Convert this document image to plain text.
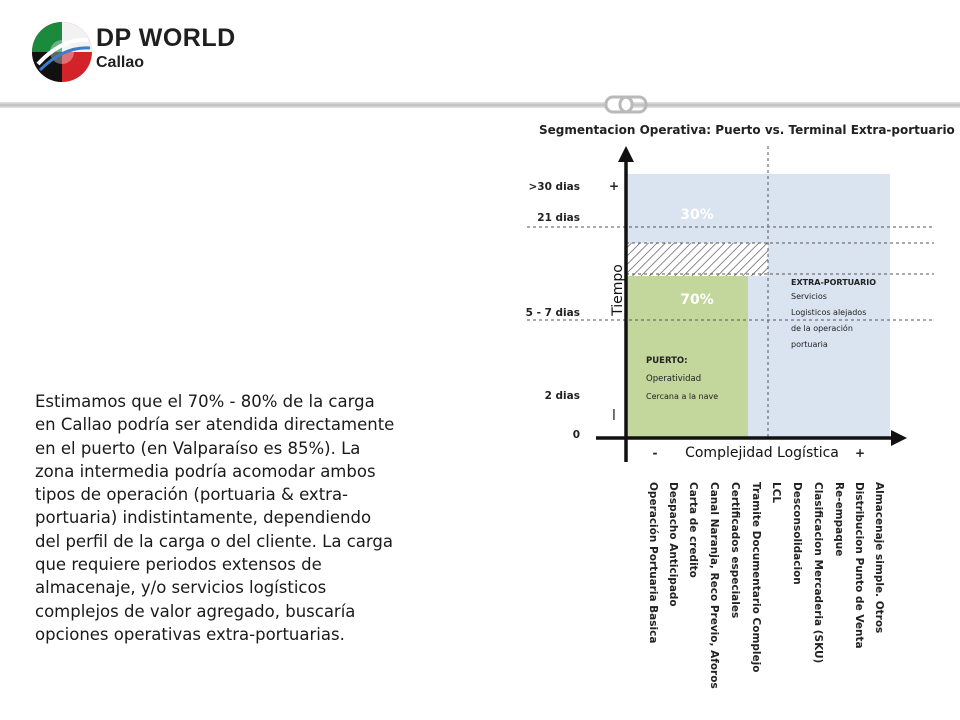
DP WORLD
Callao

Estimamos que el 70% - 80% de la carga en Callao podría ser atendida directamente en el puerto (en Valparaíso es 85%). La zona intermedia podría acomodar ambos tipos de operación (portuaria & extra-portuaria) indistintamente, dependiendo del perfil de la carga o del cliente. La carga que requiere periodos extensos de almacenaje, y/o servicios logísticos complejos de valor agregado, buscaría opciones operativas extra-portuarias.

Segmentacion Operativa: Puerto vs. Terminal Extra-portuario
>30 dias
21 dias
5 - 7 dias
2 dias
0
+
l
Tiempo
- Complejidad Logística +
30%
70%
PUERTO:
Operatividad
Cercana a la nave
EXTRA-PORTUARIO
Servicios
Logisticos alejados
de la operación
portuaria
Operación Portuaria Basica Despacho Anticipado Carta de credito Canal Naranja, Reco Previo, Aforos Certificados especiales Tramite Documentario Complejo LCL Desconsolidacion Clasificacion Mercaderia (SKU) Re-empaque Distribucion Punto de Venta Almacenaje simple. Otros
